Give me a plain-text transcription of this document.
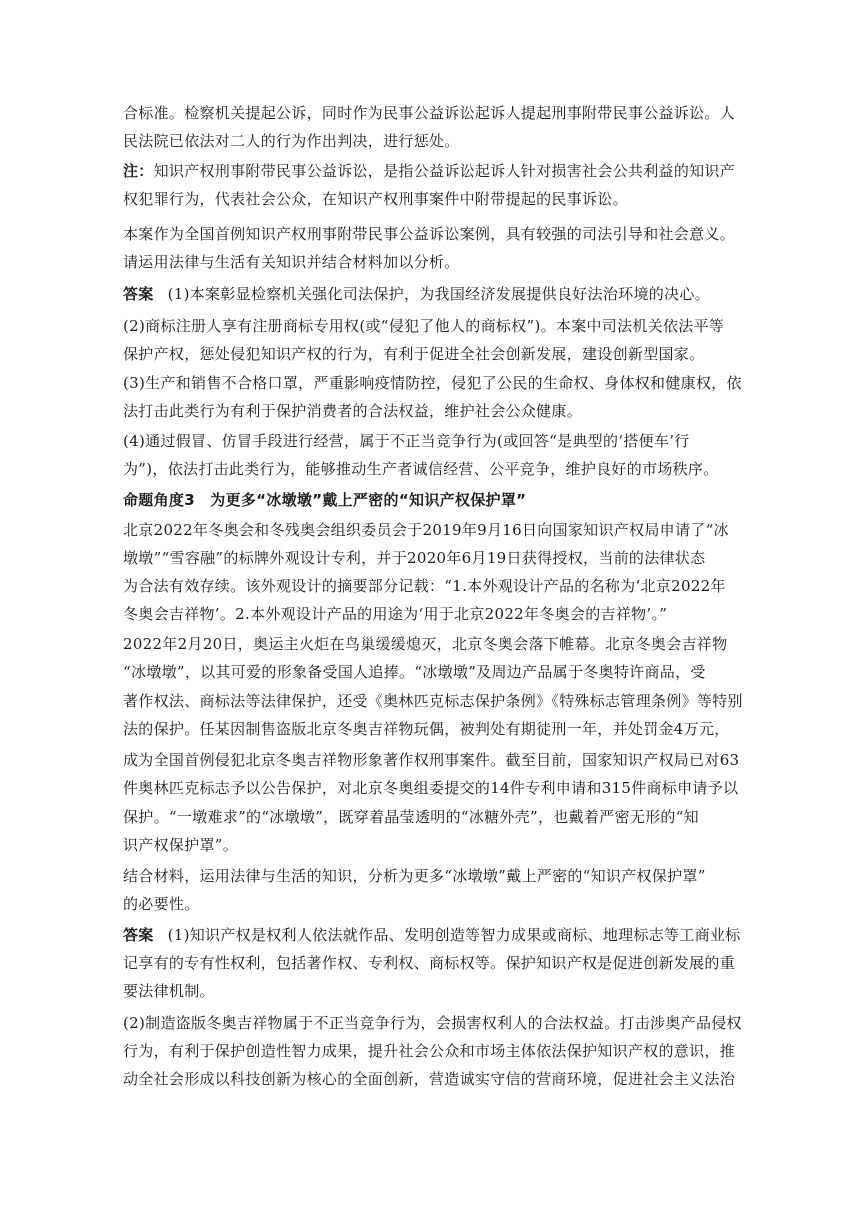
合标准。检察机关提起公诉，同时作为民事公益诉讼起诉人提起刑事附带民事公益诉讼。人
民法院已依法对二人的行为作出判决，进行惩处。
注：知识产权刑事附带民事公益诉讼，是指公益诉讼起诉人针对损害社会公共利益的知识产
权犯罪行为，代表社会公众，在知识产权刑事案件中附带提起的民事诉讼。
本案作为全国首例知识产权刑事附带民事公益诉讼案例，具有较强的司法引导和社会意义。
请运用法律与生活有关知识并结合材料加以分析。
答案 (1)本案彰显检察机关强化司法保护，为我国经济发展提供良好法治环境的决心。
(2)商标注册人享有注册商标专用权(或“侵犯了他人的商标权”)。本案中司法机关依法平等
保护产权，惩处侵犯知识产权的行为，有利于促进全社会创新发展，建设创新型国家。
(3)生产和销售不合格口罩，严重影响疫情防控，侵犯了公民的生命权、身体权和健康权，依
法打击此类行为有利于保护消费者的合法权益，维护社会公众健康。
(4)通过假冒、仿冒手段进行经营，属于不正当竞争行为(或回答“是典型的‘搭便车’行
为”)，依法打击此类行为，能够推动生产者诚信经营、公平竞争，维护良好的市场秩序。
命题角度3　为更多“冰墩墩”戴上严密的“知识产权保护罩”
北京2022年冬奥会和冬残奥会组织委员会于2019年9月16日向国家知识产权局申请了“冰
墩墩”“雪容融”的标牌外观设计专利，并于2020年6月19日获得授权，当前的法律状态
为合法有效存续。该外观设计的摘要部分记载：“1.本外观设计产品的名称为‘北京2022年
冬奥会吉祥物’。2.本外观设计产品的用途为‘用于北京2022年冬奥会的吉祥物’。”
2022年2月20日，奥运主火炬在鸟巢缓缓熄灭，北京冬奥会落下帷幕。北京冬奥会吉祥物
“冰墩墩”，以其可爱的形象备受国人追捧。“冰墩墩”及周边产品属于冬奥特许商品，受
著作权法、商标法等法律保护，还受《奥林匹克标志保护条例》《特殊标志管理条例》等特别
法的保护。任某因制售盗版北京冬奥吉祥物玩偶，被判处有期徒刑一年，并处罚金4万元，
成为全国首例侵犯北京冬奥吉祥物形象著作权刑事案件。截至目前，国家知识产权局已对63
件奥林匹克标志予以公告保护，对北京冬奥组委提交的14件专利申请和315件商标申请予以
保护。“一墩难求”的“冰墩墩”，既穿着晶莹透明的“冰糖外壳”，也戴着严密无形的“知
识产权保护罩”。
结合材料，运用法律与生活的知识，分析为更多“冰墩墩”戴上严密的“知识产权保护罩”
的必要性。
答案 (1)知识产权是权利人依法就作品、发明创造等智力成果或商标、地理标志等工商业标
记享有的专有性权利，包括著作权、专利权、商标权等。保护知识产权是促进创新发展的重
要法律机制。
(2)制造盗版冬奥吉祥物属于不正当竞争行为，会损害权利人的合法权益。打击涉奥产品侵权
行为，有利于保护创造性智力成果，提升社会公众和市场主体依法保护知识产权的意识，推
动全社会形成以科技创新为核心的全面创新，营造诚实守信的营商环境，促进社会主义法治
